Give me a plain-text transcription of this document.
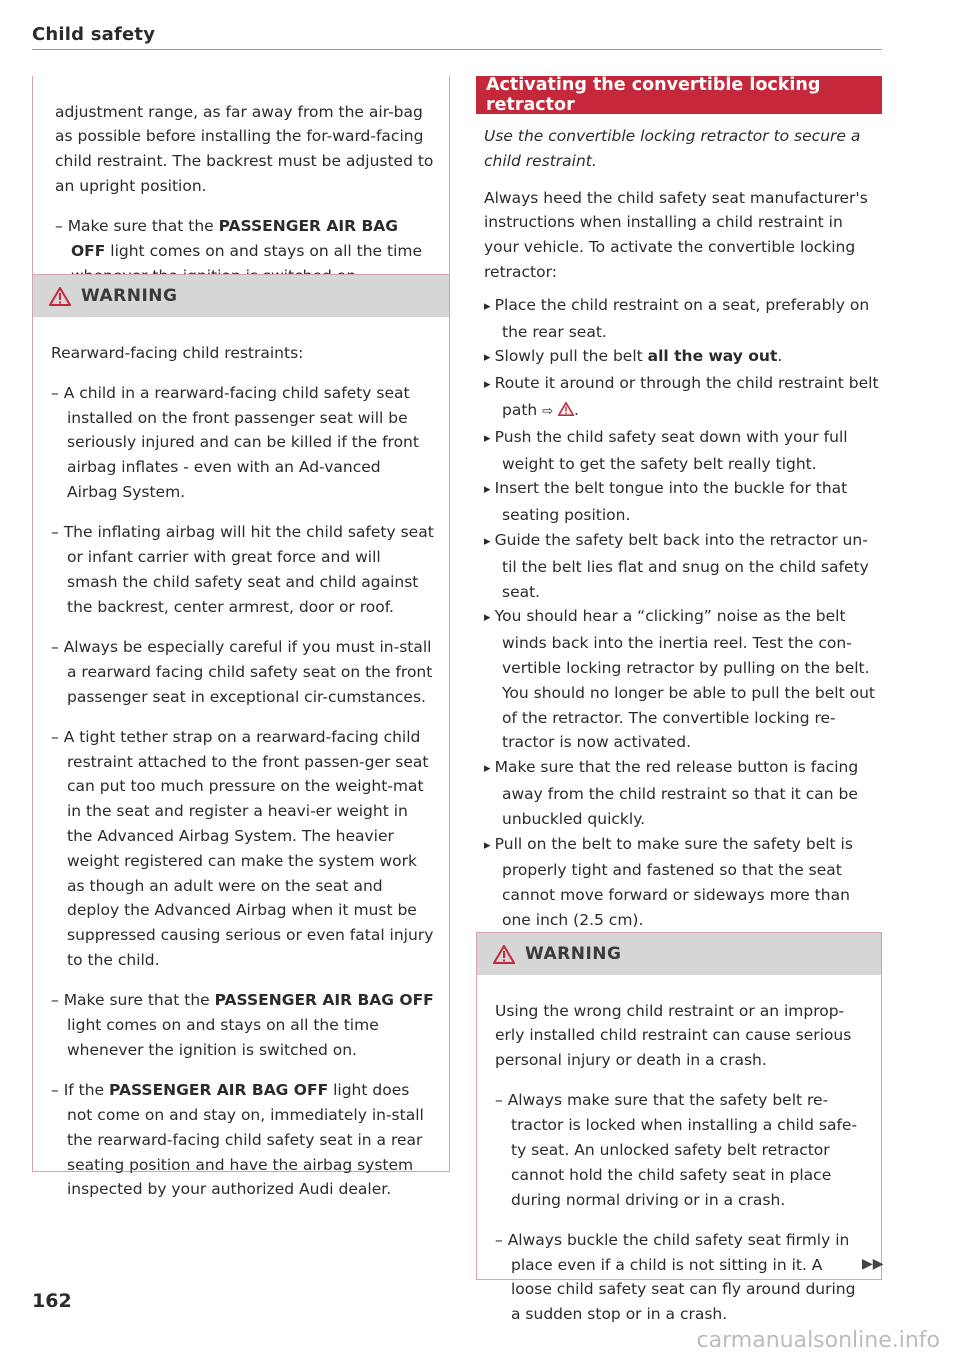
Child safety

adjustment range, as far away from the air-bag as possible before installing the for-ward-facing child restraint. The backrest must be adjusted to an upright position.

– Make sure that the PASSENGER AIR BAG OFF light comes on and stays on all the time

WARNING

Rearward-facing child restraints:

– A child in a rearward-facing child safety seat installed on the front passenger seat will be seriously injured and can be killed if the front airbag inflates - even with an Ad-vanced Airbag System.

– The inflating airbag will hit the child safety seat or infant carrier with great force and will smash the child safety seat and child against the backrest, center armrest, door or roof.

– Always be especially careful if you must in-stall a rearward facing child safety seat on the front passenger seat in exceptional cir-cumstances.

– A tight tether strap on a rearward-facing child restraint attached to the front passen-ger seat can put too much pressure on the weight-mat in the seat and register a heavi-er weight in the Advanced Airbag System. The heavier weight registered can make the system work as though an adult were on the seat and deploy the Advanced Airbag when it must be suppressed causing serious or even fatal injury to the child.

– Make sure that the PASSENGER AIR BAG OFF light comes on and stays on all the time whenever the ignition is switched on.

– If the PASSENGER AIR BAG OFF light does not come on and stay on, immediately in-stall the rearward-facing child safety seat in a rear seating position and have the airbag system inspected by your authorized Audi dealer.

Activating the convertible locking retractor

Use the convertible locking retractor to secure a child restraint.

Always heed the child safety seat manufacturer's instructions when installing a child restraint in your vehicle. To activate the convertible locking retractor:

▸ Place the child restraint on a seat, preferably on the rear seat.

▸ Slowly pull the belt all the way out.

▸ Route it around or through the child restraint belt path ⇨ .

▸ Push the child safety seat down with your full weight to get the safety belt really tight.

▸ Insert the belt tongue into the buckle for that seating position.

▸ Guide the safety belt back into the retractor un-til the belt lies flat and snug on the child safety seat.

▸ You should hear a “clicking” noise as the belt winds back into the inertia reel. Test the con-vertible locking retractor by pulling on the belt. You should no longer be able to pull the belt out of the retractor. The convertible locking re-tractor is now activated.

▸ Make sure that the red release button is facing away from the child restraint so that it can be unbuckled quickly.

▸ Pull on the belt to make sure the safety belt is properly tight and fastened so that the seat cannot move forward or sideways more than one inch (2.5 cm).

WARNING

Using the wrong child restraint or an improp-erly installed child restraint can cause serious personal injury or death in a crash.

– Always make sure that the safety belt re-tractor is locked when installing a child safe-ty seat. An unlocked safety belt retractor cannot hold the child safety seat in place during normal driving or in a crash.

– Always buckle the child safety seat firmly in place even if a child is not sitting in it. A loose child safety seat can fly around during a sudden stop or in a crash.

▶▶
162
carmanualsonline.info
